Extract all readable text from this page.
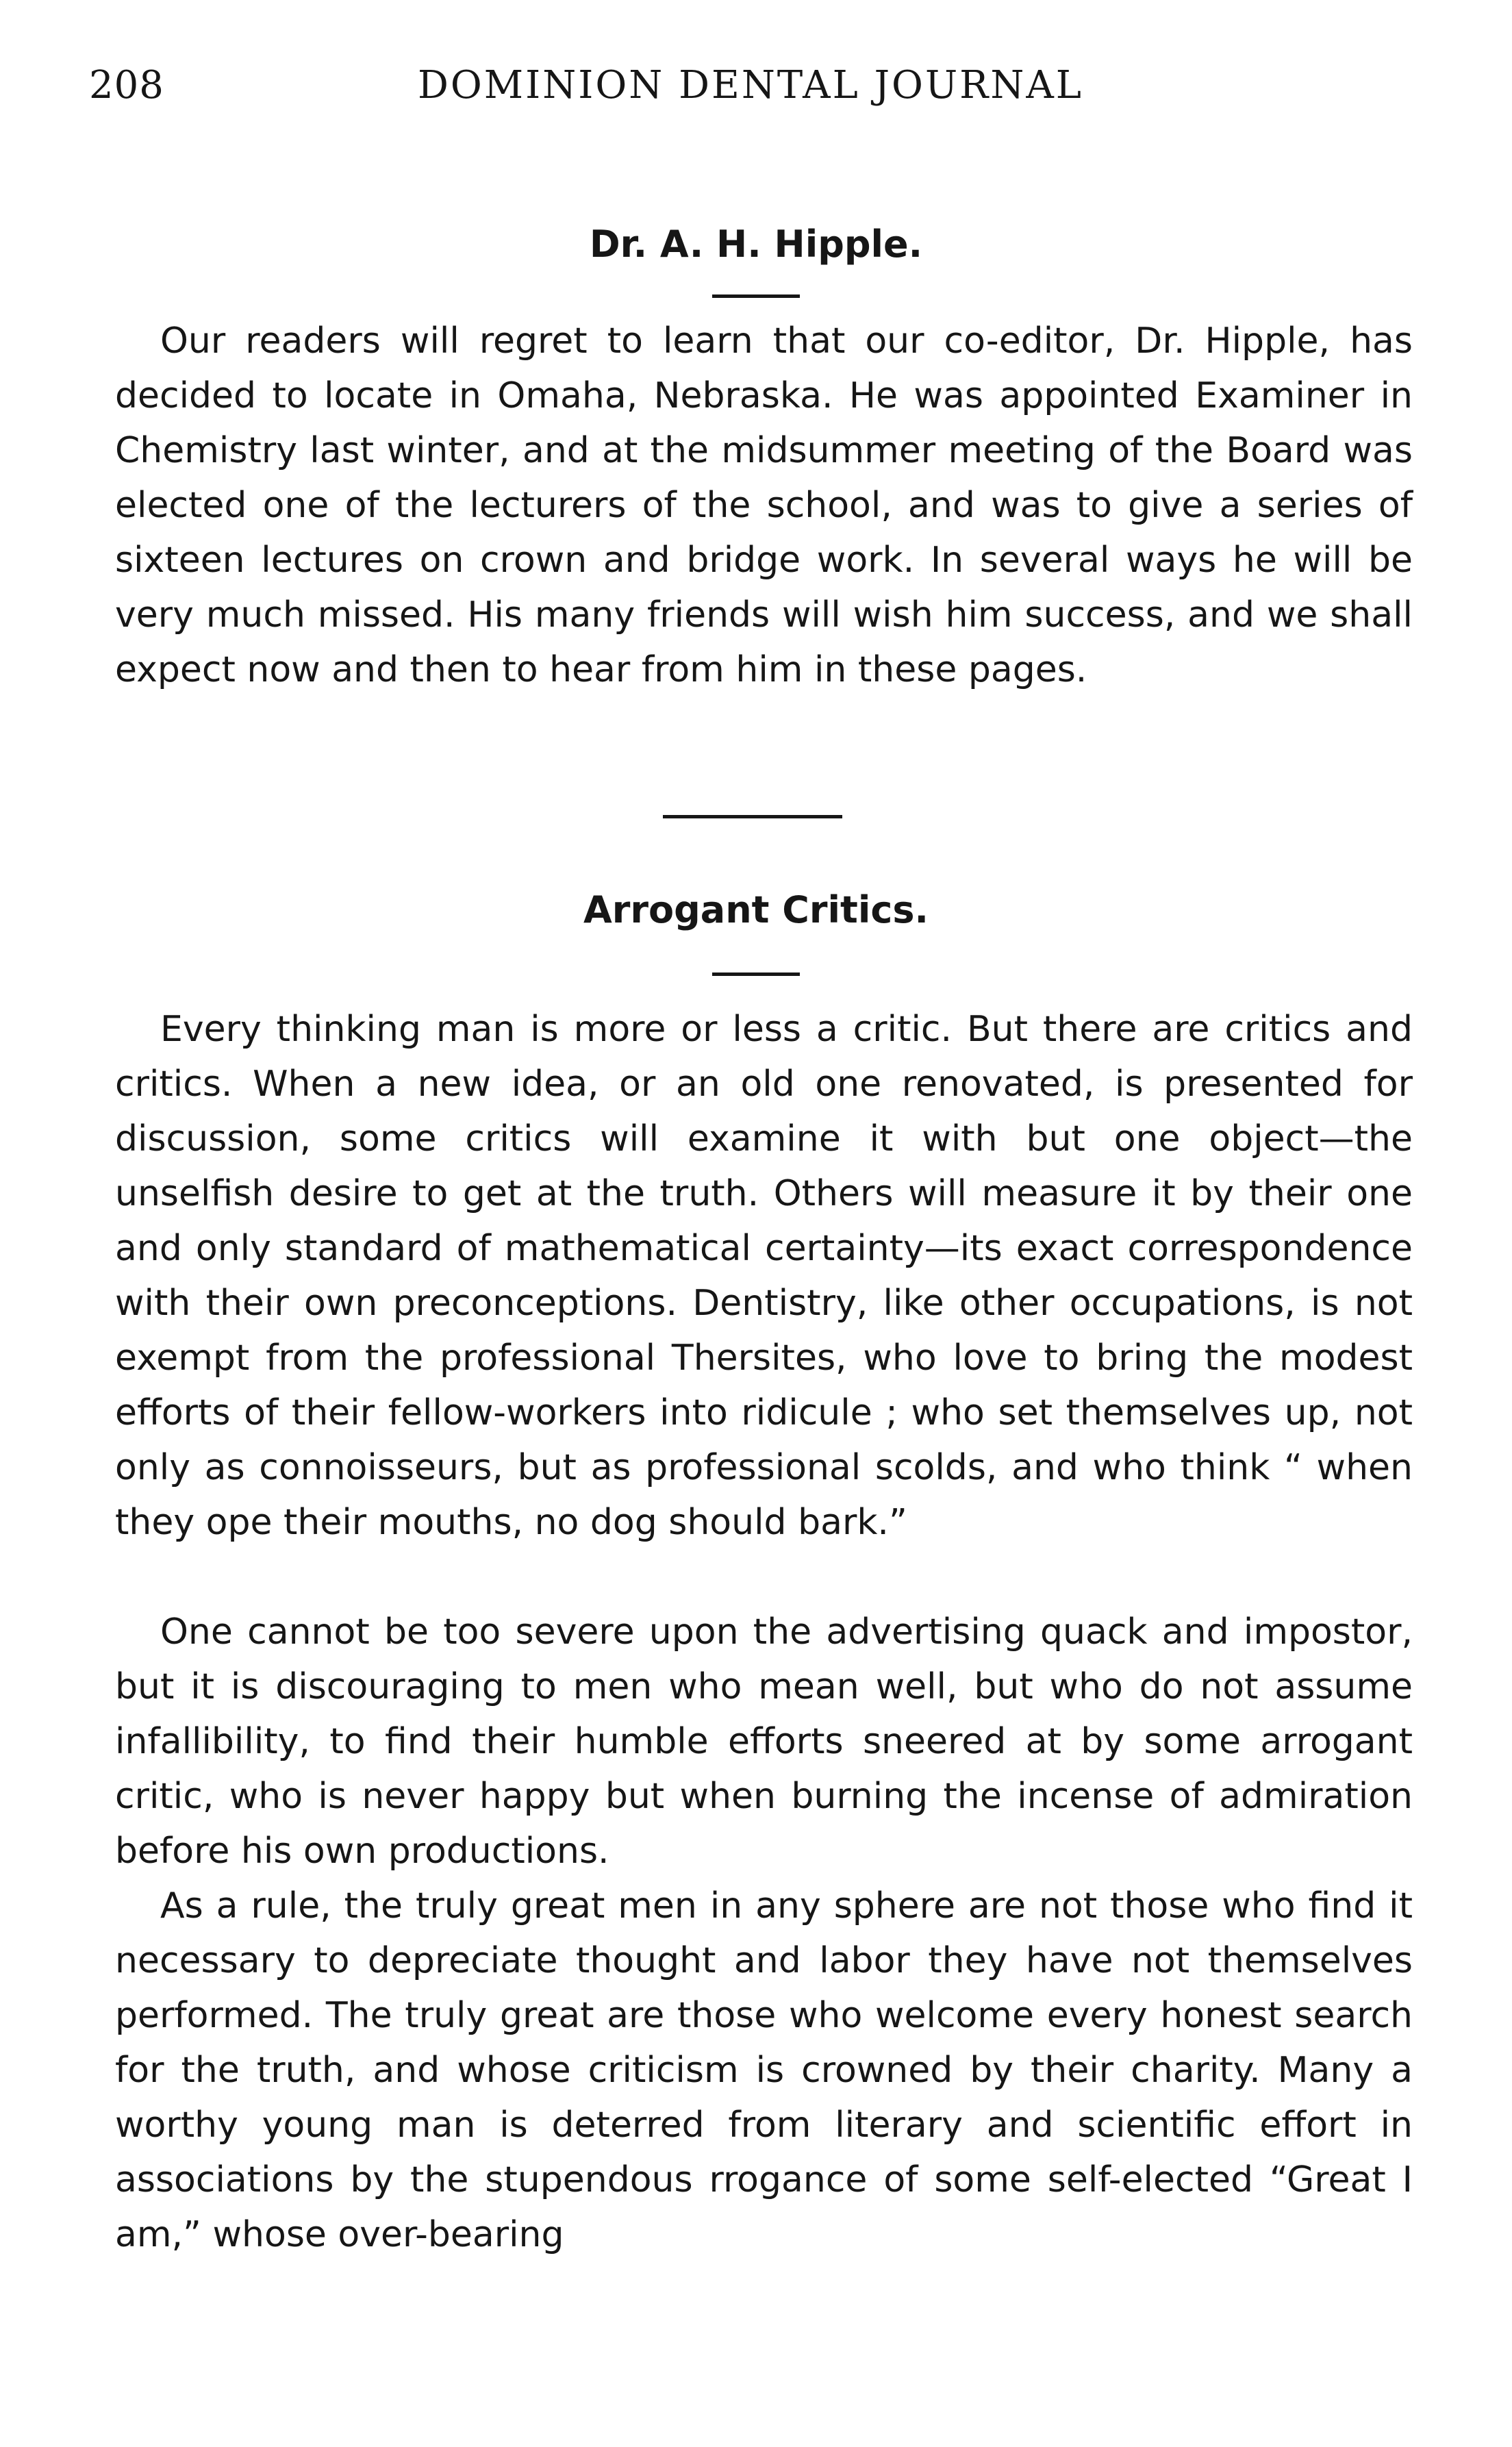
208	DOMINION DENTAL JOURNAL
Dr. A. H. Hipple.

Our readers will regret to learn that our co-editor, Dr. Hipple, has decided to locate in Omaha, Nebraska. He was appointed Examiner in Chemistry last winter, and at the midsummer meeting of the Board was elected one of the lecturers of the school, and was to give a series of sixteen lectures on crown and bridge work. In several ways he will be very much missed. His many friends will wish him success, and we shall expect now and then to hear from him in these pages.

Arrogant Critics.

Every thinking man is more or less a critic. But there are critics and critics. When a new idea, or an old one renovated, is presented for discussion, some critics will examine it with but one object—the unselfish desire to get at the truth. Others will measure it by their one and only standard of mathematical certainty—its exact correspondence with their own preconceptions. Dentistry, like other occupations, is not exempt from the professional Thersites, who love to bring the modest efforts of their fellow-workers into ridicule ; who set themselves up, not only as connoisseurs, but as professional scolds, and who think “ when they ope their mouths, no dog should bark.”

One cannot be too severe upon the advertising quack and impostor, but it is discouraging to men who mean well, but who do not assume infallibility, to find their humble efforts sneered at by some arrogant critic, who is never happy but when burning the incense of admiration before his own productions.

As a rule, the truly great men in any sphere are not those who find it necessary to depreciate thought and labor they have not themselves performed. The truly great are those who welcome every honest search for the truth, and whose criticism is crowned by their charity. Many a worthy young man is deterred from literary and scientific effort in associations by the stupendous rrogance of some self-elected “Great I am,” whose over-bearing
